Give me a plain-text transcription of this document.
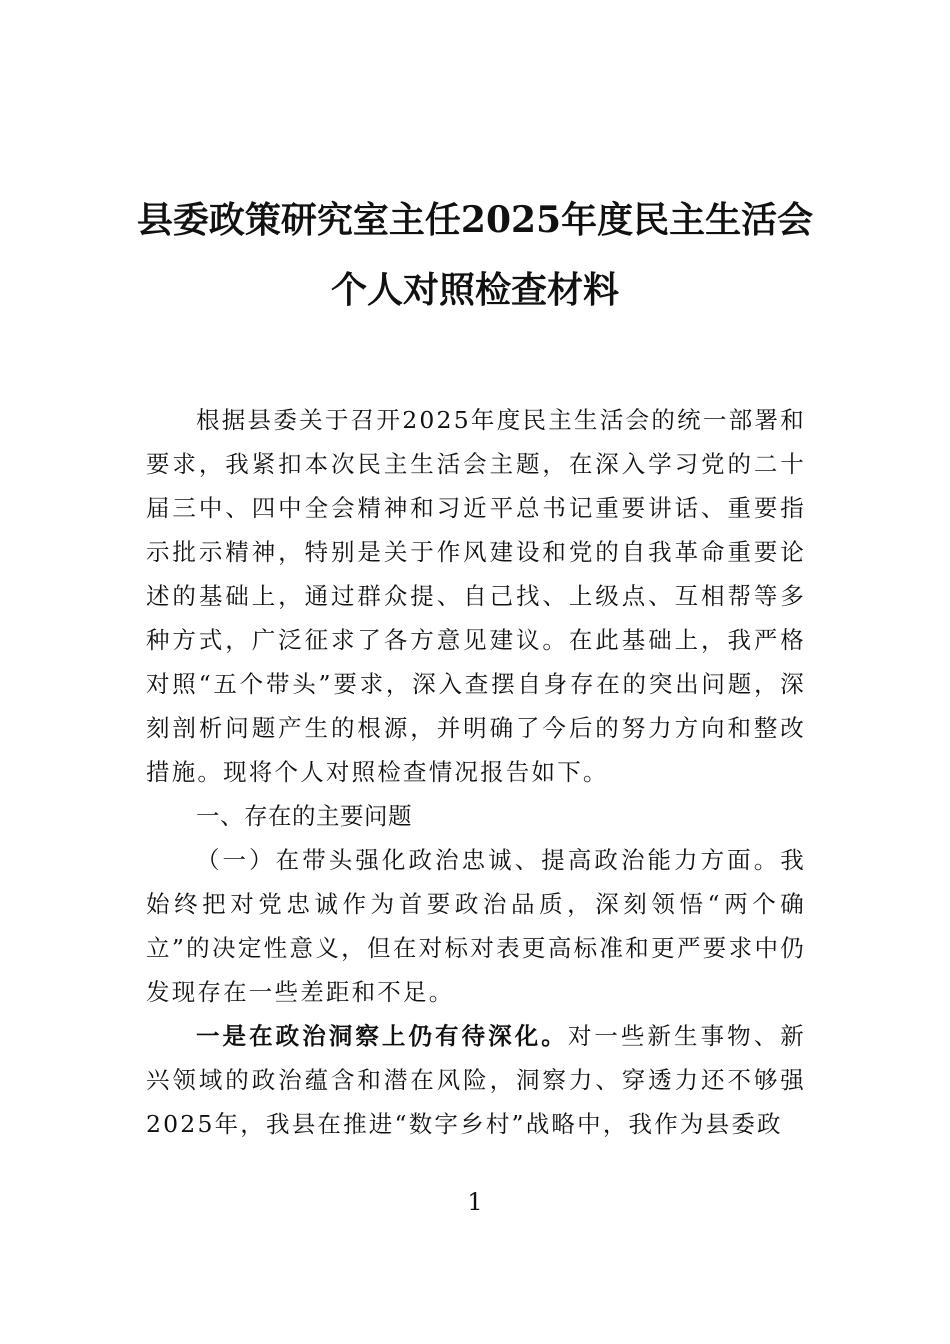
县委政策研究室主任2025年度民主生活会
个人对照检查材料

根据县委关于召开2025年度民主生活会的统一部署和要求，我紧扣本次民主生活会主题，在深入学习党的二十届三中、四中全会精神和习近平总书记重要讲话、重要指示批示精神，特别是关于作风建设和党的自我革命重要论述的基础上，通过群众提、自己找、上级点、互相帮等多种方式，广泛征求了各方意见建议。在此基础上，我严格对照“五个带头”要求，深入查摆自身存在的突出问题，深刻剖析问题产生的根源，并明确了今后的努力方向和整改措施。现将个人对照检查情况报告如下。

一、存在的主要问题

（一）在带头强化政治忠诚、提高政治能力方面。我始终把对党忠诚作为首要政治品质，深刻领悟“两个确立”的决定性意义，但在对标对表更高标准和更严要求中仍发现存在一些差距和不足。

一是在政治洞察上仍有待深化。对一些新生事物、新兴领域的政治蕴含和潜在风险，洞察力、穿透力还不够强2025年，我县在推进“数字乡村”战略中，我作为县委政

1
